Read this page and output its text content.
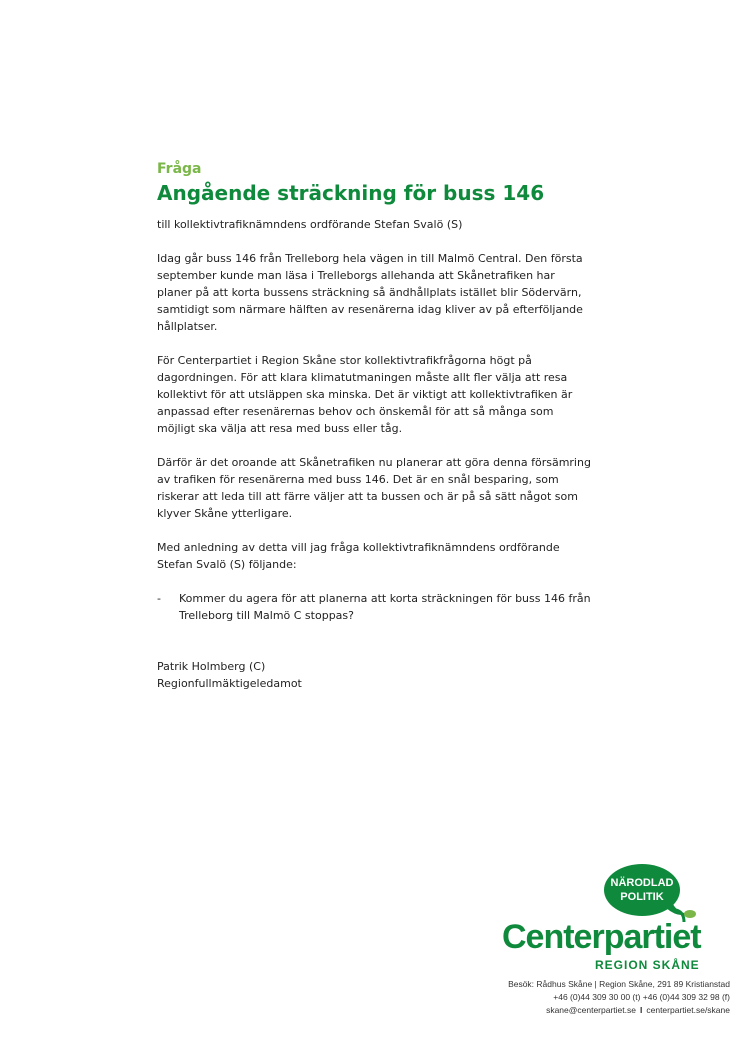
Fråga
Angående sträckning för buss 146
till kollektivtrafiknämndens ordförande Stefan Svalö (S)

Idag går buss 146 från Trelleborg hela vägen in till Malmö Central. Den första
september kunde man läsa i Trelleborgs allehanda att Skånetrafiken har
planer på att korta bussens sträckning så ändhållplats istället blir Södervärn,
samtidigt som närmare hälften av resenärerna idag kliver av på efterföljande
hållplatser.

För Centerpartiet i Region Skåne stor kollektivtrafikfrågorna högt på
dagordningen. För att klara klimatutmaningen måste allt fler välja att resa
kollektivt för att utsläppen ska minska. Det är viktigt att kollektivtrafiken är
anpassad efter resenärernas behov och önskemål för att så många som
möjligt ska välja att resa med buss eller tåg.

Därför är det oroande att Skånetrafiken nu planerar att göra denna försämring
av trafiken för resenärerna med buss 146. Det är en snål besparing, som
riskerar att leda till att färre väljer att ta bussen och är på så sätt något som
klyver Skåne ytterligare.

Med anledning av detta vill jag fråga kollektivtrafiknämndens ordförande
Stefan Svalö (S) följande:

-	Kommer du agera för att planerna att korta sträckningen för buss 146 från
Trelleborg till Malmö C stoppas?
Patrik Holmberg (C)
Regionfullmäktigeledamot
NÄRODLAD
POLITIK
Centerpartiet
REGION SKÅNE
Besök: Rådhus Skåne | Region Skåne, 291 89 Kristianstad
+46 (0)44 309 30 00 (t) +46 (0)44 309 32 98 (f)
skane@centerpartiet.se I centerpartiet.se/skane
